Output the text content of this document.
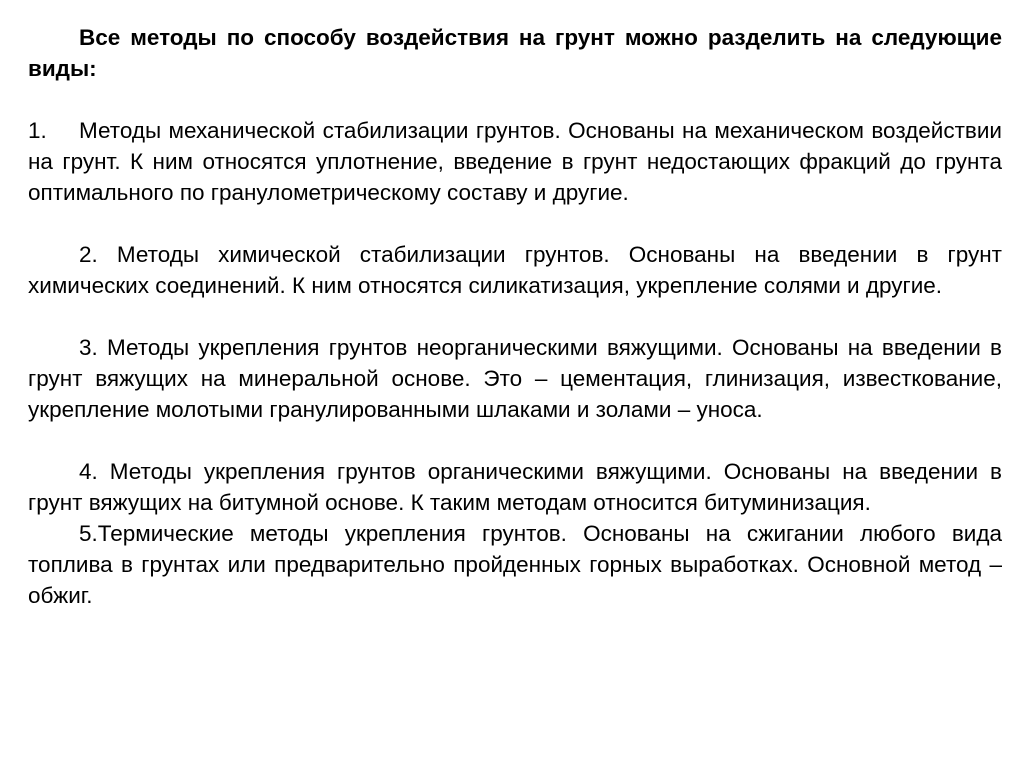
Все методы по способу воздействия на грунт можно разделить на следующие виды:

1. Методы механической стабилизации грунтов. Основаны на механическом воздействии на грунт. К ним относятся уплотнение, введение в грунт недостающих фракций до грунта оптимального по гранулометрическому составу и другие.

2. Методы химической стабилизации грунтов. Основаны на введении в грунт химических соединений. К ним относятся силикатизация, укрепление солями и другие.

3. Методы укрепления грунтов неорганическими вяжущими. Основаны на введении в грунт вяжущих на минеральной основе. Это – цементация, глинизация, известкование, укрепление молотыми гранулированными шлаками и золами – уноса.

4. Методы укрепления грунтов органическими вяжущими. Основаны на введении в грунт вяжущих на битумной основе. К таким методам относится битуминизация.

5.Термические методы укрепления грунтов. Основаны на сжигании любого вида топлива в грунтах или предварительно пройденных горных выработках. Основной метод – обжиг.
